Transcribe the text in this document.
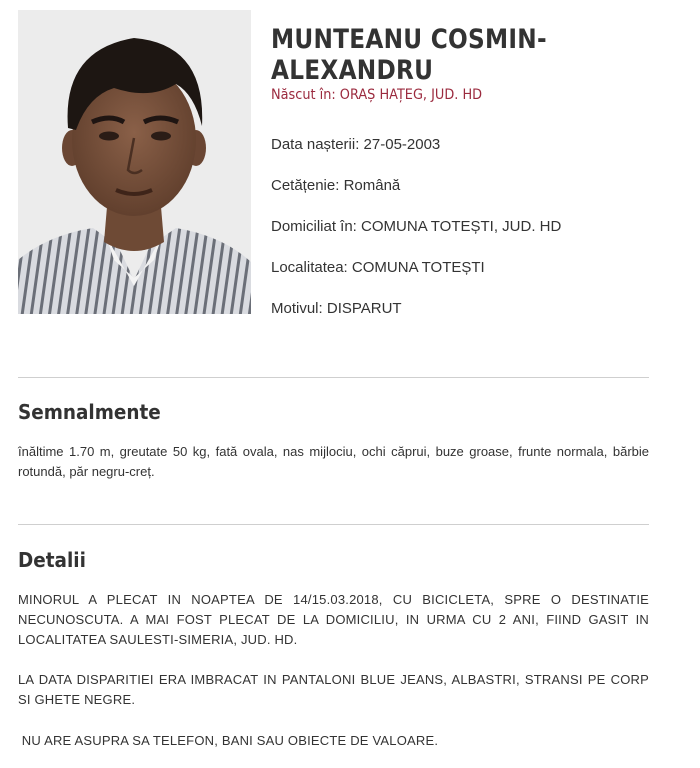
MUNTEANU COSMIN-ALEXANDRU
Născut în: ORAȘ HAȚEG, JUD. HD
Data nașterii: 27-05-2003
Cetățenie: Română
Domiciliat în: COMUNA TOTEȘTI, JUD. HD
Localitatea: COMUNA TOTEȘTI
Motivul: DISPARUT
Semnalmente
înăltime 1.70 m, greutate 50 kg, fată ovala, nas mijlociu, ochi căprui, buze groase, frunte normala, bărbie rotundă, păr negru-creț.
Detalii
MINORUL A PLECAT IN NOAPTEA DE 14/15.03.2018, CU BICICLETA, SPRE O DESTINATIE NECUNOSCUTA. A MAI FOST PLECAT DE LA DOMICILIU, IN URMA CU 2 ANI, FIIND GASIT IN LOCALITATEA SAULESTI-SIMERIA, JUD. HD.
LA DATA DISPARITIEI ERA IMBRACAT IN PANTALONI BLUE JEANS, ALBASTRI, STRANSI PE CORP SI GHETE NEGRE.
NU ARE ASUPRA SA TELEFON, BANI SAU OBIECTE DE VALOARE.
